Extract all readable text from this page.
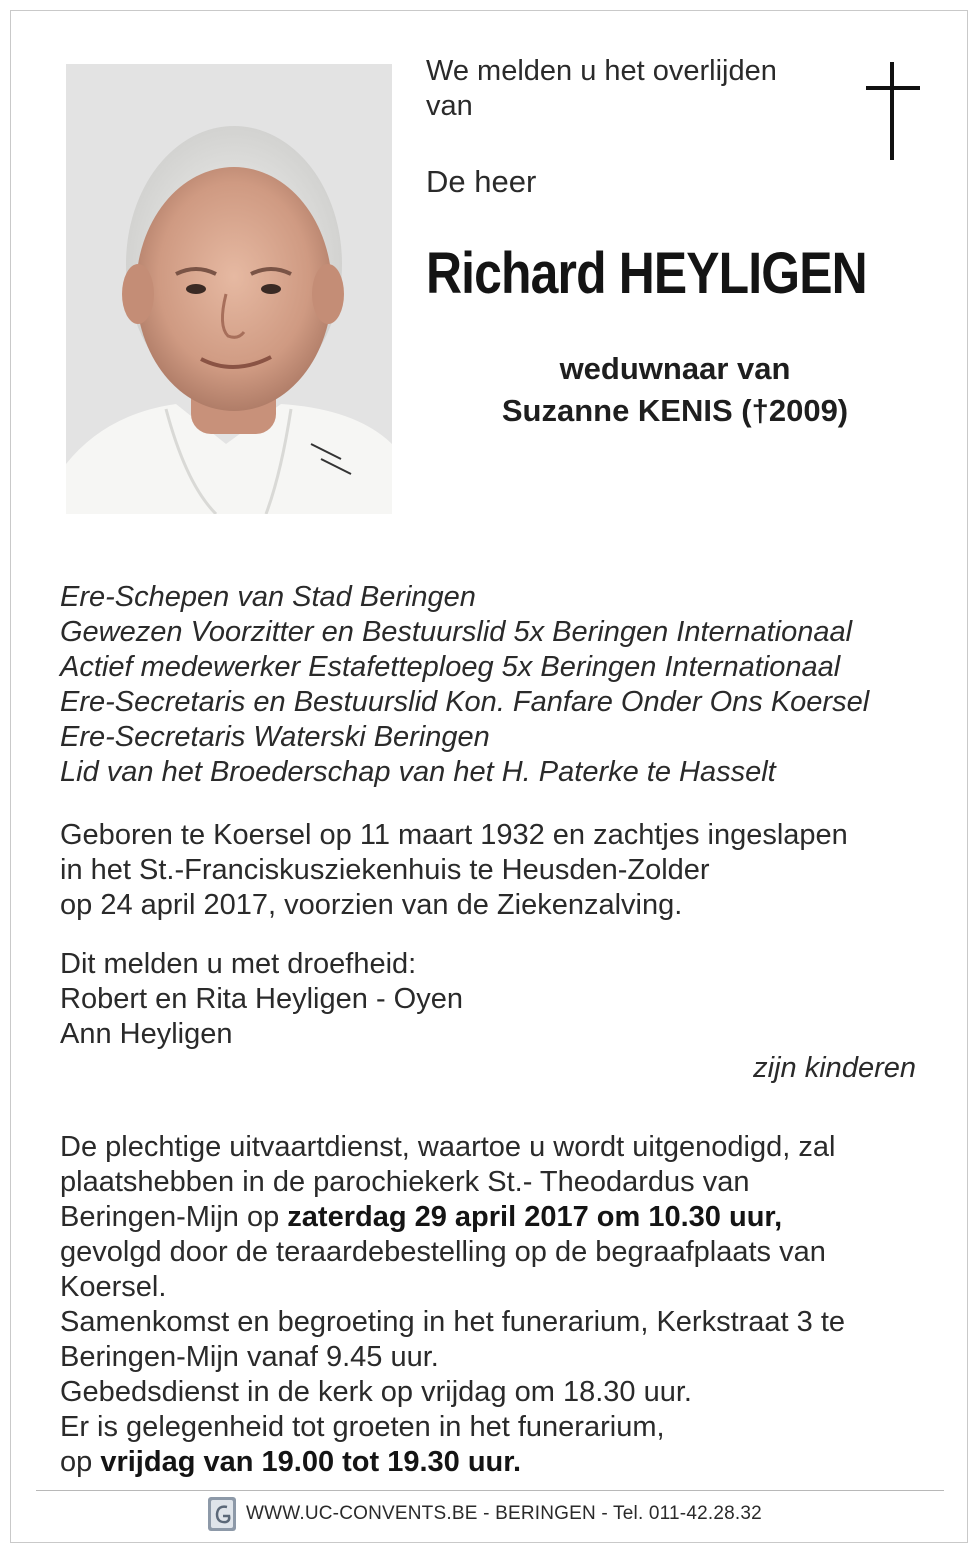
We melden u het overlijden
van
De heer
Richard HEYLIGEN
weduwnaar van
Suzanne KENIS (†2009)
Ere-Schepen van Stad Beringen
Gewezen Voorzitter en Bestuurslid 5x Beringen Internationaal
Actief medewerker Estafetteploeg 5x Beringen Internationaal
Ere-Secretaris en Bestuurslid Kon. Fanfare Onder Ons Koersel
Ere-Secretaris Waterski Beringen
Lid van het Broederschap van het H. Paterke te Hasselt
Geboren te Koersel op 11 maart 1932 en zachtjes ingeslapen
in het St.-Franciskusziekenhuis te Heusden-Zolder
op 24 april 2017, voorzien van de Ziekenzalving.
Dit melden u met droefheid:
Robert en Rita Heyligen - Oyen
Ann Heyligen
zijn kinderen
De plechtige uitvaartdienst, waartoe u wordt uitgenodigd, zal
plaatshebben in de parochiekerk St.- Theodardus van
Beringen-Mijn op zaterdag 29 april 2017 om 10.30 uur,
gevolgd door de teraardebestelling op de begraafplaats van
Koersel.
Samenkomst en begroeting in het funerarium, Kerkstraat 3 te
Beringen-Mijn vanaf 9.45 uur.
Gebedsdienst in de kerk op vrijdag om 18.30 uur.
Er is gelegenheid tot groeten in het funerarium,
op vrijdag van 19.00 tot 19.30 uur.
WWW.UC-CONVENTS.BE - BERINGEN - Tel. 011-42.28.32
